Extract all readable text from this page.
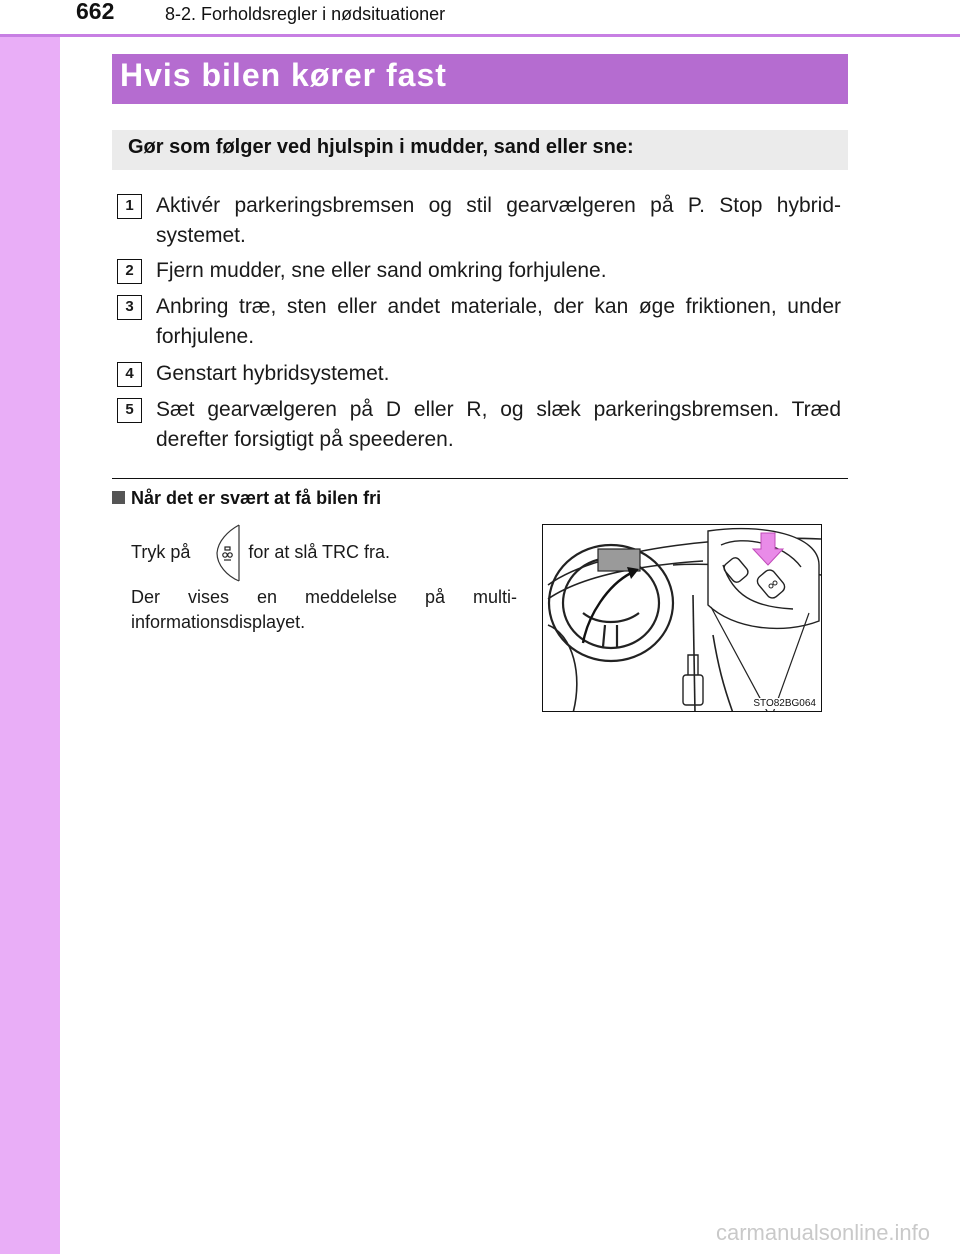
662	8-2. Forholdsregler i nødsituationer
Hvis bilen kører fast
Gør som følger ved hjulspin i mudder, sand eller sne:
1	Aktivér parkeringsbremsen og stil gearvælgeren på P. Stop hybrid-systemet.
2	Fjern mudder, sne eller sand omkring forhjulene.
3	Anbring træ, sten eller andet materiale, der kan øge friktionen, under forhjulene.
4	Genstart hybridsystemet.
5	Sæt gearvælgeren på D eller R, og slæk parkeringsbremsen. Træd derefter forsigtigt på speederen.
Når det er svært at få bilen fri
Tryk på	for at slå TRC fra.
Der vises en meddelelse på multi-informationsdisplayet.
STO82BG064
carmanualsonline.info
